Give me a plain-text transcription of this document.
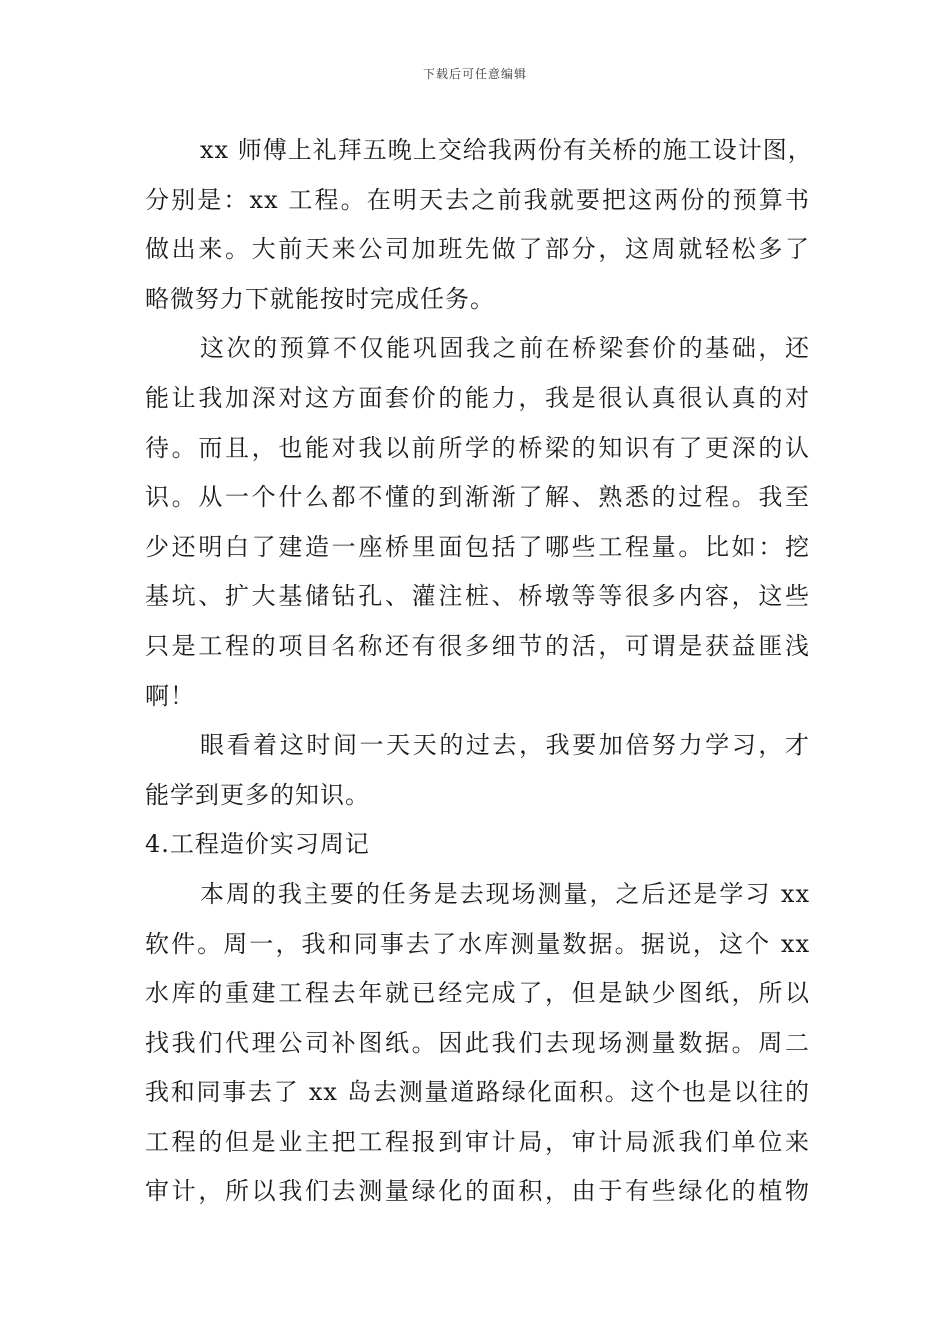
下载后可任意编辑
xx 师傅上礼拜五晚上交给我两份有关桥的施工设计图，
分别是：xx 工程。在明天去之前我就要把这两份的预算书
做出来。大前天来公司加班先做了部分，这周就轻松多了
略微努力下就能按时完成任务。
这次的预算不仅能巩固我之前在桥梁套价的基础，还
能让我加深对这方面套价的能力，我是很认真很认真的对
待。而且，也能对我以前所学的桥梁的知识有了更深的认
识。从一个什么都不懂的到渐渐了解、熟悉的过程。我至
少还明白了建造一座桥里面包括了哪些工程量。比如：挖
基坑、扩大基储钻孔、灌注桩、桥墩等等很多内容，这些
只是工程的项目名称还有很多细节的活，可谓是获益匪浅
啊！
眼看着这时间一天天的过去，我要加倍努力学习，才
能学到更多的知识。
4.工程造价实习周记
本周的我主要的任务是去现场测量，之后还是学习 xx
软件。周一，我和同事去了水库测量数据。据说，这个 xx
水库的重建工程去年就已经完成了，但是缺少图纸，所以
找我们代理公司补图纸。因此我们去现场测量数据。周二
我和同事去了 xx 岛去测量道路绿化面积。这个也是以往的
工程的但是业主把工程报到审计局，审计局派我们单位来
审计，所以我们去测量绿化的面积，由于有些绿化的植物
